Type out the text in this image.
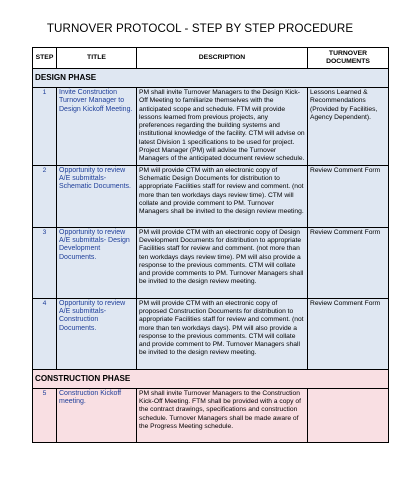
TURNOVER PROTOCOL - STEP BY STEP PROCEDURE
STEP	TITLE	DESCRIPTION	TURNOVER DOCUMENTS
DESIGN PHASE			
1	Invite Construction Turnover Manager to Design Kickoff Meeting.	PM shall invite Turnover Managers to the Design Kick-Off Meeting to familiarize themselves with the anticipated scope and schedule. FTM will provide lessons learned from previous projects, any preferences regarding the building systems and institutional knowledge of the facility. CTM will advise on latest Division 1 specifications to be used for project. Project Manager (PM) will advise the Turnover Managers of the anticipated document review schedule.	Lessons Learned & Recommendations (Provided by Facilities, Agency Dependent).
2	Opportunity to review A/E submittals- Schematic Documents.	PM will provide CTM with an electronic copy of Schematic Design Documents for distribution to appropriate Facilities staff for review and comment. (not more than ten workdays days review time). CTM will collate and provide comment to PM. Turnover Managers shall be invited to the design review meeting.	Review Comment Form
3	Opportunity to review A/E submittals- Design Development Documents.	PM will provide CTM with an electronic copy of Design Development Documents for distribution to appropriate Facilities staff for review and comment. (not more than ten workdays days review time). PM will also provide a response to the previous comments. CTM will collate and provide comments to PM. Turnover Managers shall be invited to the design review meeting.	Review Comment Form
4	Opportunity to review A/E submittals- Construction Documents.	PM will provide CTM with an electronic copy of proposed Construction Documents for distribution to appropriate Facilities staff for review and comment. (not more than ten workdays days). PM will also provide a response to the previous comments. CTM will collate and provide comment to PM. Turnover Managers shall be invited to the design review meeting.	Review Comment Form
CONSTRUCTION PHASE			
5	Construction Kickoff meeting.	PM shall invite Turnover Managers to the Construction Kick-Off Meeting. FTM shall be provided with a copy of the contract drawings, specifications and construction schedule. Turnover Managers shall be made aware of the Progress Meeting schedule.	
